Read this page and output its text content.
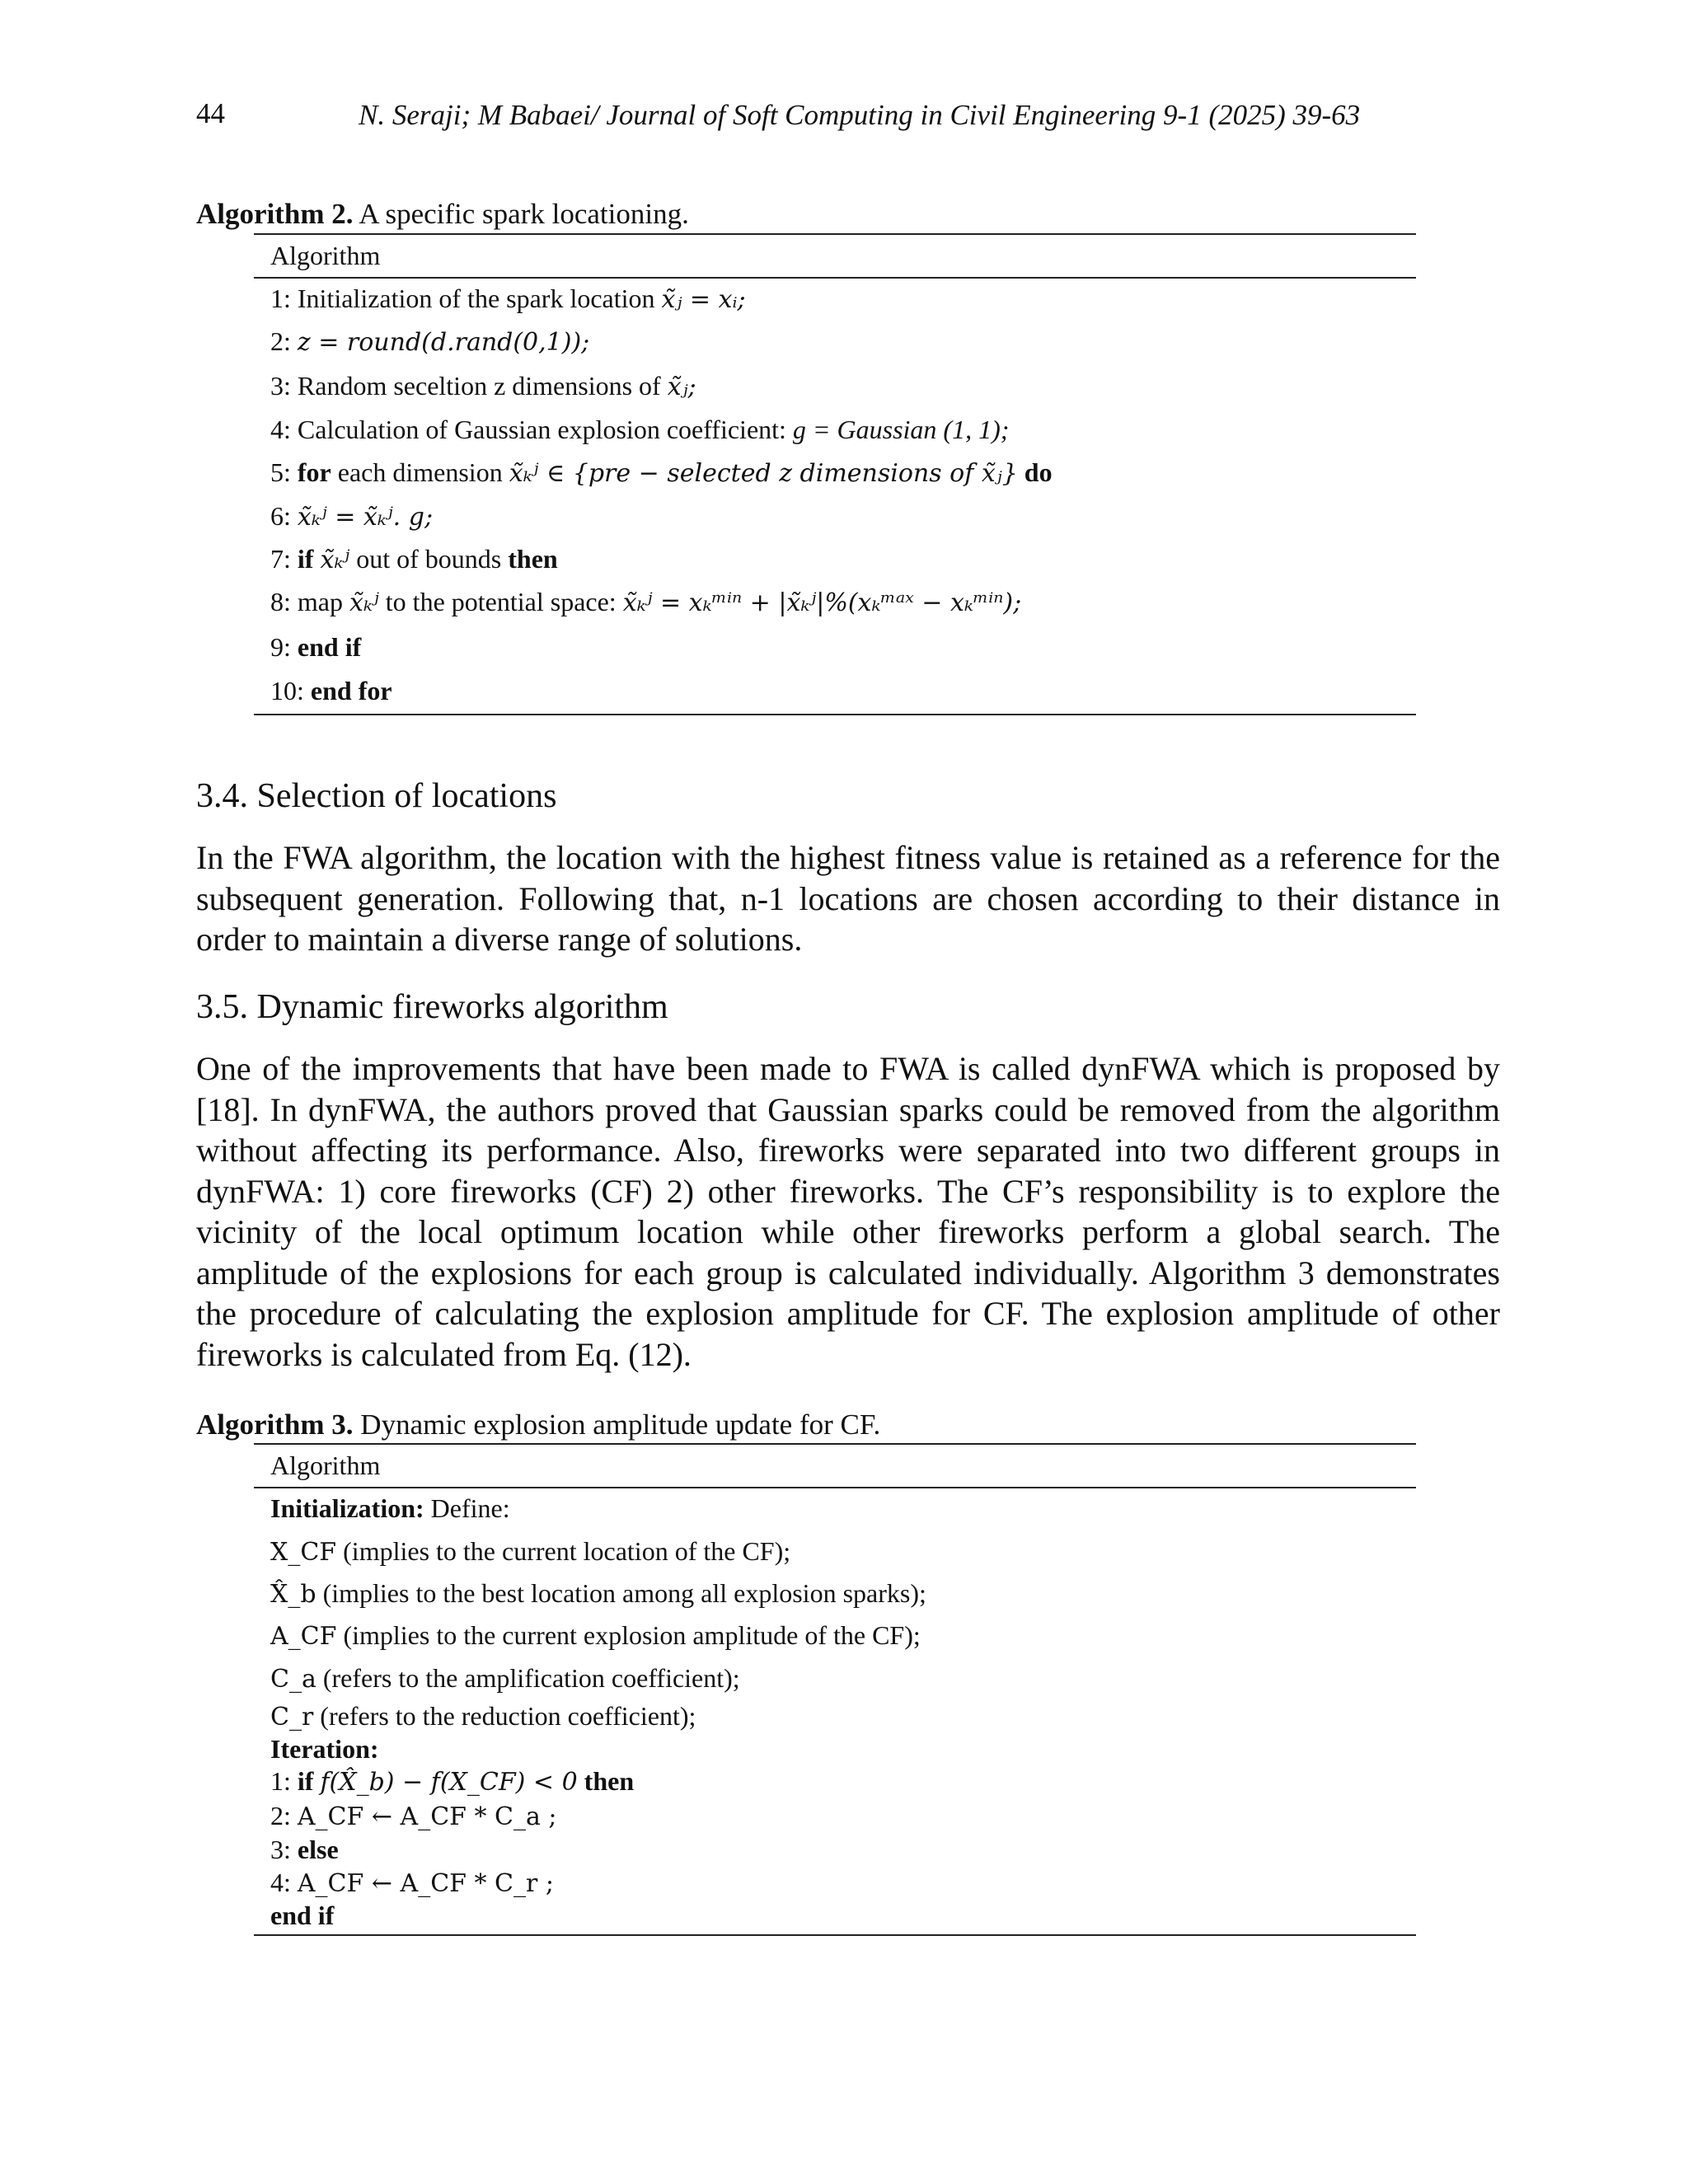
44	N. Seraji; M Babaei/ Journal of Soft Computing in Civil Engineering 9-1 (2025) 39-63
Algorithm 2. A specific spark locationing.
Algorithm
1: Initialization of the spark location x̃ⱼ = xᵢ;
2: z = round(d.rand(0,1));
3: Random seceltion z dimensions of x̃ⱼ;
4: Calculation of Gaussian explosion coefficient: g = Gaussian (1, 1);
5: for each dimension x̃ₖʲ ∈ {pre − selected z dimensions of x̃ⱼ} do
6: x̃ₖʲ = x̃ₖʲ. g;
7: if x̃ₖʲ out of bounds then
8: map x̃ₖʲ to the potential space: x̃ₖʲ = xₖᵐⁱⁿ + |x̃ₖʲ|%(xₖᵐᵃˣ − xₖᵐⁱⁿ);
9: end if
10: end for
3.4. Selection of locations

In the FWA algorithm, the location with the highest fitness value is retained as a reference for the subsequent generation. Following that, n-1 locations are chosen according to their distance in order to maintain a diverse range of solutions.

3.5. Dynamic fireworks algorithm

One of the improvements that have been made to FWA is called dynFWA which is proposed by [18]. In dynFWA, the authors proved that Gaussian sparks could be removed from the algorithm without affecting its performance. Also, fireworks were separated into two different groups in dynFWA: 1) core fireworks (CF) 2) other fireworks. The CF’s responsibility is to explore the vicinity of the local optimum location while other fireworks perform a global search. The amplitude of the explosions for each group is calculated individually. Algorithm 3 demonstrates the procedure of calculating the explosion amplitude for CF. The explosion amplitude of other fireworks is calculated from Eq. (12).

Algorithm 3. Dynamic explosion amplitude update for CF.
Algorithm
Initialization: Define:
X_CF (implies to the current location of the CF);
X̂_b (implies to the best location among all explosion sparks);
A_CF (implies to the current explosion amplitude of the CF);
C_a (refers to the amplification coefficient);
C_r (refers to the reduction coefficient);
Iteration:
1: if f(X̂_b) − f(X_CF) < 0 then
2: A_CF ← A_CF * C_a ;
3: else
4: A_CF ← A_CF * C_r ;
end if
